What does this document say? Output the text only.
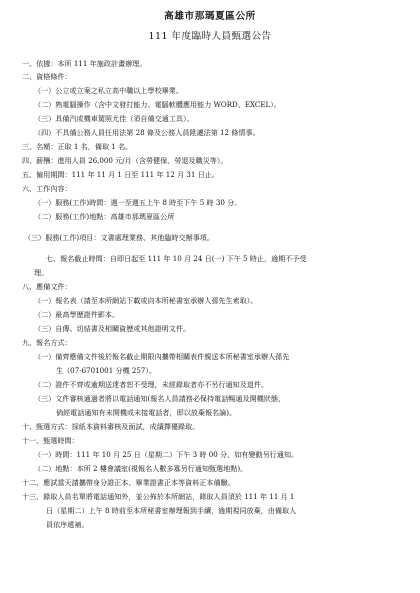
高雄市那瑪夏區公所
111 年度臨時人員甄選公告
一、依據：本所 111 年施政計畫辦理。
二、資格條件：
（一）公立或立案之私立高中職以上學校畢業。
（二）熟電腦操作（含中文發打能力、電腦軟體應用能力 WORD、EXCEL）。
（三）具備汽或機車駕照尤佳（須自備交通工具）。
（四）不具備公務人員任用法第 28 條及公務人員陞遷法第 12 條情事。
三、名額：正取 1 名，備取 1 名。
四、薪酬：進用人員 26,000 元/月（含勞健保、勞退及職災等）。
五、僱用期間：111 年 11 月 1 日至 111 年 12 月 31 日止。
六、工作內容：
（一）服務(工作)時間：週一至週五上午 8 時至下午 5 時 30 分。
（二）服務(工作)地點：高雄市那瑪夏區公所
（三）服務(工作)項目：文書處理業務、其他臨時交辦事項。
七、報名截止時間：自即日起至 111 年 10 月 24 日(一) 下午 5 時止，逾期不予受
理。
八、應備文件：
（一）報名表（請至本所網站下載或向本所秘書室承辦人孫先生索取）。
（二）最高學歷證件影本。
（三）自傳、切結書及相關資歷或其他證明文件。
九、報名方式：
（一）備齊應備文件後於報名截止期限內攜帶相關表件親送本所秘書室承辦人孫先
生（07-6701001 分機 257）。
（二）證件不齊或逾期送達者恕不受理，未經錄取者亦不另行通知及退件。
（三）文件審核通過者將以電話通知(報名人員請務必保持電話暢通及開機狀態，
倘經電話通知有未開機或未接電話者，即以放棄報名論)。
十、甄選方式：採紙本資料審核及面試，成績擇優錄取。
十一、甄選時間：
（一）時間：111 年 10 月 25 日（星期二）下午 3 時 00 分，如有變動另行通知。
（二）地點：本所 2 樓會議室(視報名人數多寡另行通知甄選地點)。
十二、應試當天請攜帶身分證正本、畢業證書正本等資料正本備驗。
十三、錄取人員名單將電話通知外，並公佈於本所網站，錄取人員須於 111 年 11 月 1
日（星期二）上午 8 時前至本所秘書室辦理報到手續，逾期視同放棄，由備取人
員依序遞補。
